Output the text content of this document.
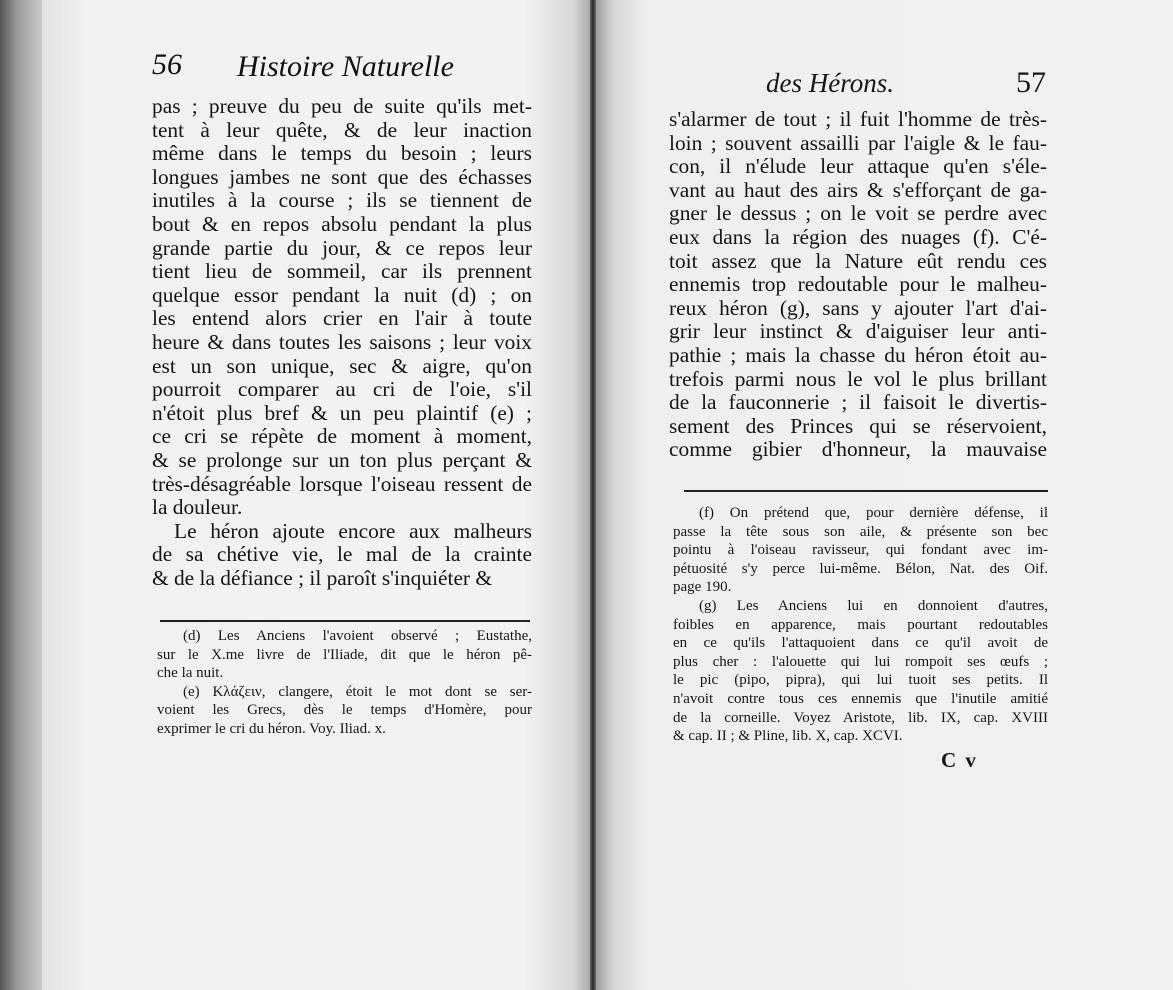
56 Histoire Naturelle
pas ; preuve du peu de suite qu'ils met-
tent à leur quête, & de leur inaction
même dans le temps du besoin ; leurs
longues jambes ne sont que des échasses
inutiles à la course ; ils se tiennent de
bout & en repos absolu pendant la plus
grande partie du jour, & ce repos leur
tient lieu de sommeil, car ils prennent
quelque essor pendant la nuit (d) ; on
les entend alors crier en l'air à toute
heure & dans toutes les saisons ; leur voix
est un son unique, sec & aigre, qu'on
pourroit comparer au cri de l'oie, s'il
n'étoit plus bref & un peu plaintif (e) ;
ce cri se répète de moment à moment,
& se prolonge sur un ton plus perçant &
très-désagréable lorsque l'oiseau ressent de
la douleur.
Le héron ajoute encore aux malheurs
de sa chétive vie, le mal de la crainte
& de la défiance ; il paroît s'inquiéter &
(d) Les Anciens l'avoient observé ; Eustathe,
sur le X.me livre de l'Iliade, dit que le héron pê-
che la nuit.
(e) Κλάζειν, clangere, étoit le mot dont se ser-
voient les Grecs, dès le temps d'Homère, pour
exprimer le cri du héron. Voy. Iliad. x.
des Hérons.	57
s'alarmer de tout ; il fuit l'homme de très-
loin ; souvent assailli par l'aigle & le fau-
con, il n'élude leur attaque qu'en s'éle-
vant au haut des airs & s'efforçant de ga-
gner le dessus ; on le voit se perdre avec
eux dans la région des nuages (f). C'é-
toit assez que la Nature eût rendu ces
ennemis trop redoutable pour le malheu-
reux héron (g), sans y ajouter l'art d'ai-
grir leur instinct & d'aiguiser leur anti-
pathie ; mais la chasse du héron étoit au-
trefois parmi nous le vol le plus brillant
de la fauconnerie ; il faisoit le divertis-
sement des Princes qui se réservoient,
comme gibier d'honneur, la mauvaise
(f) On prétend que, pour dernière défense, il
passe la tête sous son aile, & présente son bec
pointu à l'oiseau ravisseur, qui fondant avec im-
pétuosité s'y perce lui-même. Bélon, Nat. des Oif.
page 190.
(g) Les Anciens lui en donnoient d'autres,
foibles en apparence, mais pourtant redoutables
en ce qu'ils l'attaquoient dans ce qu'il avoit de
plus cher : l'alouette qui lui rompoit ses œufs ;
le pic (pipo, pipra), qui lui tuoit ses petits. Il
n'avoit contre tous ces ennemis que l'inutile amitié
de la corneille. Voyez Aristote, lib. IX, cap. XVIII
& cap. II ; & Pline, lib. X, cap. XCVI.
C v
